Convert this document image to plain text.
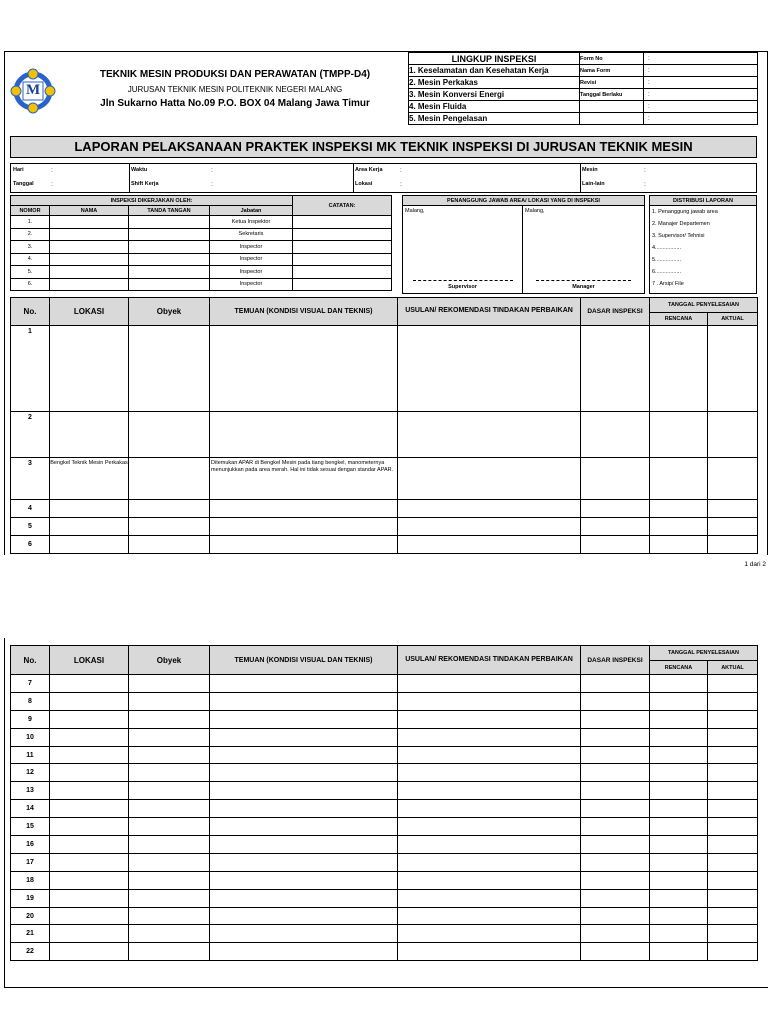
M
TEKNIK MESIN PRODUKSI DAN PERAWATAN (TMPP-D4)
JURUSAN TEKNIK MESIN POLITEKNIK NEGERI MALANG
Jln Sukarno Hatta No.09 P.O. BOX 04 Malang Jawa Timur
LINGKUP INSPEKSI	Form No	:
1. Keselamatan dan Kesehatan Kerja	Nama Form	:
2. Mesin Perkakas	Revisi	:
3. Mesin Konversi Energi	Tanggal Berlaku	:
4. Mesin Fluida		:
5. Mesin Pengelasan		:
LAPORAN PELAKSANAAN PRAKTEK INSPEKSI MK TEKNIK INSPEKSI DI JURUSAN TEKNIK MESIN
Hari	:
Tanggal	:
Waktu	:
Shift Kerja	:
Area Kerja	:
Lokasi	:
Mesin	:
Lain-lain	:
INSPEKSI DIKERJAKAN OLEH:				CATATAN:
NOMOR	NAMA	TANDA TANGAN	Jabatan	
1.			Ketua Inspektor	
2.			Sekretaris	
3.			Inspector	
4.			Inspector	
5.			Inspector	
6.			Inspector	
PENANGGUNG JAWAB AREA/ LOKASI YANG DI INSPEKSI
Malang,	Malang,
Supervisor	Manager
DISTRIBUSI LAPORAN
1. Penanggung jawab area
2. Manajer Departemen
3. Supervisor/ Tehnisi
4.................
5.................
6.................
7 . Arsip/ File
No.	LOKASI	Obyek	TEMUAN (KONDISI VISUAL DAN TEKNIS)	USULAN/ REKOMENDASI TINDAKAN PERBAIKAN	DASAR INSPEKSI	TANGGAL PENYELESAIAN	
						RENCANA	AKTUAL
1							
2							
3	Bengkel Teknik Mesin Perkakas		Ditemukan APAR di Bengkel Mesin pada tiang bengkel, manometernya menunjukkan pada area merah. Hal ini tidak sesuai dengan standar APAR.				
4							
5							
6							
1 dari 2
No.	LOKASI	Obyek	TEMUAN (KONDISI VISUAL DAN TEKNIS)	USULAN/ REKOMENDASI TINDAKAN PERBAIKAN	DASAR INSPEKSI	TANGGAL PENYELESAIAN	
						RENCANA	AKTUAL
7							
8							
9							
10							
11							
12							
13							
14							
15							
16							
17							
18							
19							
20							
21							
22							
